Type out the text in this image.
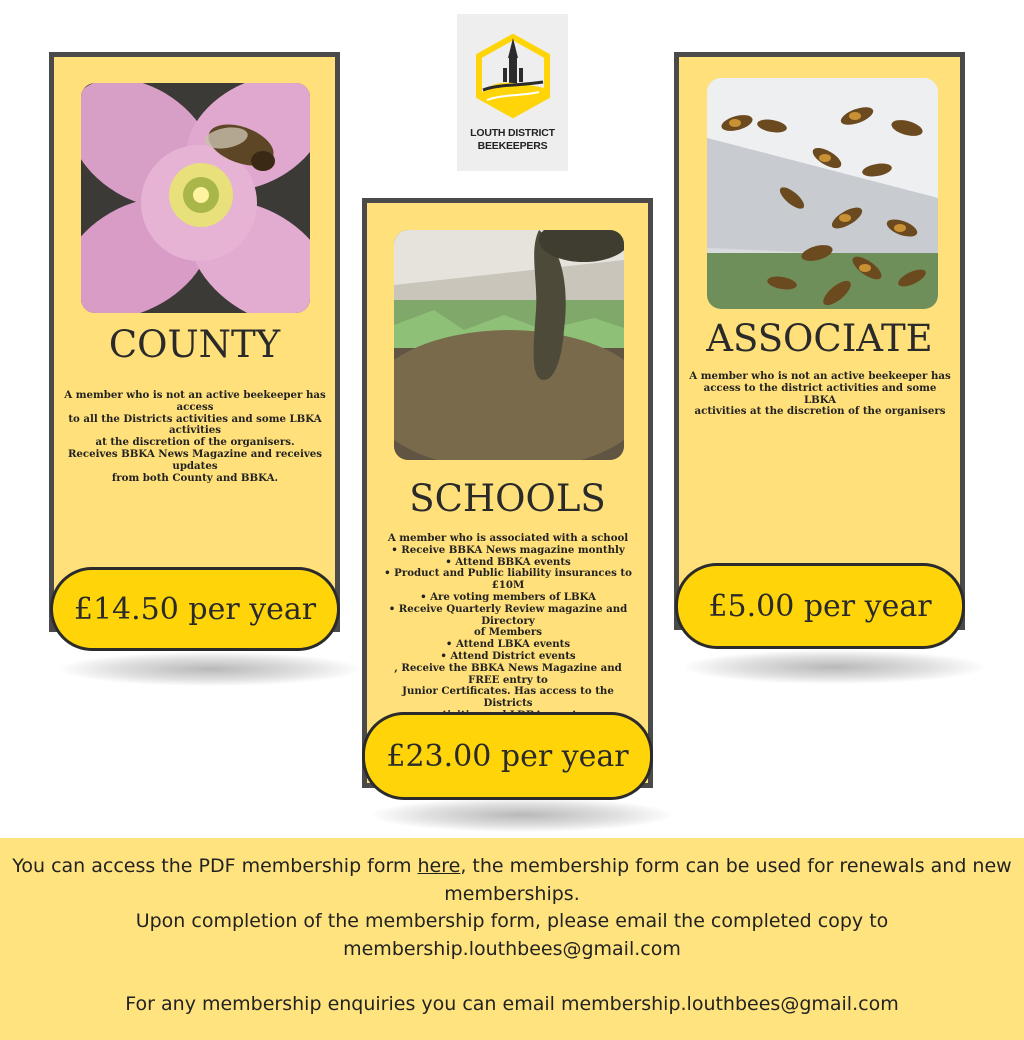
LOUTH DISTRICT
BEEKEEPERS
COUNTY
A member who is not an active beekeeper has access
to all the Districts activities and some LBKA activities
at the discretion of the organisers.
Receives BBKA News Magazine and receives updates
from both County and BBKA.
£14.50 per year
SCHOOLS
A member who is associated with a school
• Receive BBKA News magazine monthly
• Attend BBKA events
• Product and Public liability insurances to £10M
• Are voting members of LBKA
• Receive Quarterly Review magazine and Directory
of Members
• Attend LBKA events
• Attend District events
, Receive the BBKA News Magazine and FREE entry to
Junior Certificates. Has access to the Districts
£23.00 per year
ASSOCIATE
A member who is not an active beekeeper has
access to the district activities and some LBKA
activities at the discretion of the organisers
£5.00 per year

You can access the PDF membership form here, the membership form can be used for renewals and new

memberships.

Upon completion of the membership form, please email the completed copy to

membership.louthbees@gmail.com

For any membership enquiries you can email membership.louthbees@gmail.com
